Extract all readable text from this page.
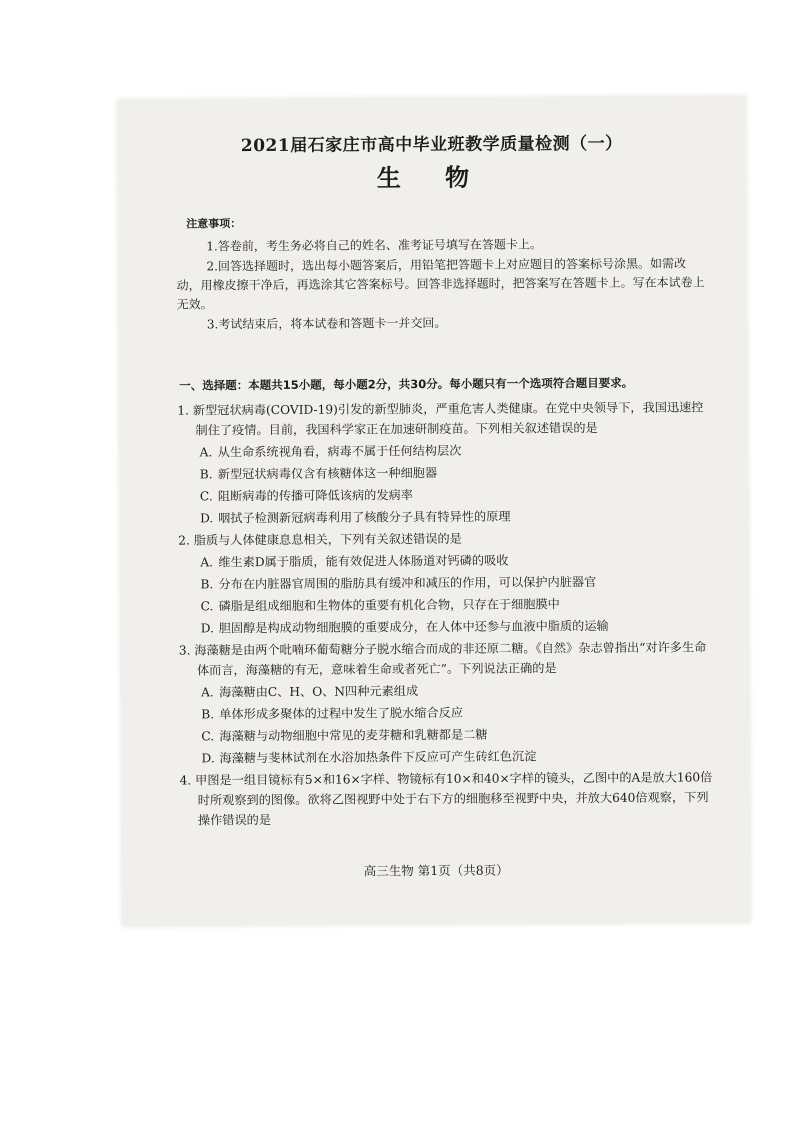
2021届石家庄市高中毕业班教学质量检测（一）
生 物
注意事项：

1.答卷前，考生务必将自己的姓名、准考证号填写在答题卡上。

2.回答选择题时，选出每小题答案后，用铅笔把答题卡上对应题目的答案标号涂黑。如需改动，用橡皮擦干净后，再选涂其它答案标号。回答非选择题时，把答案写在答题卡上。写在本试卷上无效。

3.考试结束后，将本试卷和答题卡一并交回。

一、选择题：本题共15小题，每小题2分，共30分。每小题只有一个选项符合题目要求。
1. 新型冠状病毒(COVID-19)引发的新型肺炎，严重危害人类健康。在党中央领导下，我国迅速控制住了疫情。目前，我国科学家正在加速研制疫苗。下列相关叙述错误的是
A. 从生命系统视角看，病毒不属于任何结构层次
B. 新型冠状病毒仅含有核糖体这一种细胞器
C. 阻断病毒的传播可降低该病的发病率
D. 咽拭子检测新冠病毒利用了核酸分子具有特异性的原理
2. 脂质与人体健康息息相关，下列有关叙述错误的是
A. 维生素D属于脂质，能有效促进人体肠道对钙磷的吸收
B. 分布在内脏器官周围的脂肪具有缓冲和减压的作用，可以保护内脏器官
C. 磷脂是组成细胞和生物体的重要有机化合物，只存在于细胞膜中
D. 胆固醇是构成动物细胞膜的重要成分，在人体中还参与血液中脂质的运输
3. 海藻糖是由两个吡喃环葡萄糖分子脱水缩合而成的非还原二糖。《自然》杂志曾指出“对许多生命体而言，海藻糖的有无，意味着生命或者死亡”。下列说法正确的是
A. 海藻糖由C、H、O、N四种元素组成
B. 单体形成多聚体的过程中发生了脱水缩合反应
C. 海藻糖与动物细胞中常见的麦芽糖和乳糖都是二糖
D. 海藻糖与斐林试剂在水浴加热条件下反应可产生砖红色沉淀
4. 甲图是一组目镜标有5×和16×字样、物镜标有10×和40×字样的镜头，乙图中的A是放大160倍时所观察到的图像。欲将乙图视野中处于右下方的细胞移至视野中央，并放大640倍观察，下列操作错误的是
高三生物 第1页（共8页）
